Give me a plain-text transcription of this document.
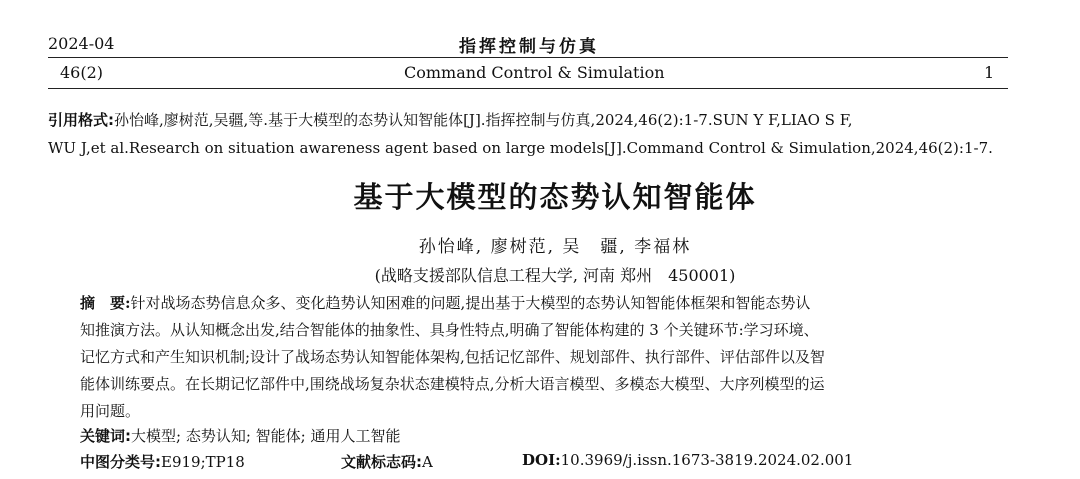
2024-04	指挥控制与仿真
46(2)	Command Control & Simulation	1
引用格式:孙怡峰,廖树范,吴疆,等.基于大模型的态势认知智能体[J].指挥控制与仿真,2024,46(2):1-7.SUN Y F,LIAO S F,
WU J,et al.Research on situation awareness agent based on large models[J].Command Control & Simulation,2024,46(2):1-7.
基于大模型的态势认知智能体
孙怡峰, 廖树范, 吴　疆, 李福林
(战略支援部队信息工程大学, 河南 郑州　450001)
摘　要:针对战场态势信息众多、变化趋势认知困难的问题,提出基于大模型的态势认知智能体框架和智能态势认
知推演方法。从认知概念出发,结合智能体的抽象性、具身性特点,明确了智能体构建的 3 个关键环节:学习环境、
记忆方式和产生知识机制;设计了战场态势认知智能体架构,包括记忆部件、规划部件、执行部件、评估部件以及智
能体训练要点。在长期记忆部件中,围绕战场复杂状态建模特点,分析大语言模型、多模态大模型、大序列模型的运
用问题。
关键词:大模型; 态势认知; 智能体; 通用人工智能
中图分类号:E919;TP18	文献标志码:A	DOI:10.3969/j.issn.1673-3819.2024.02.001
